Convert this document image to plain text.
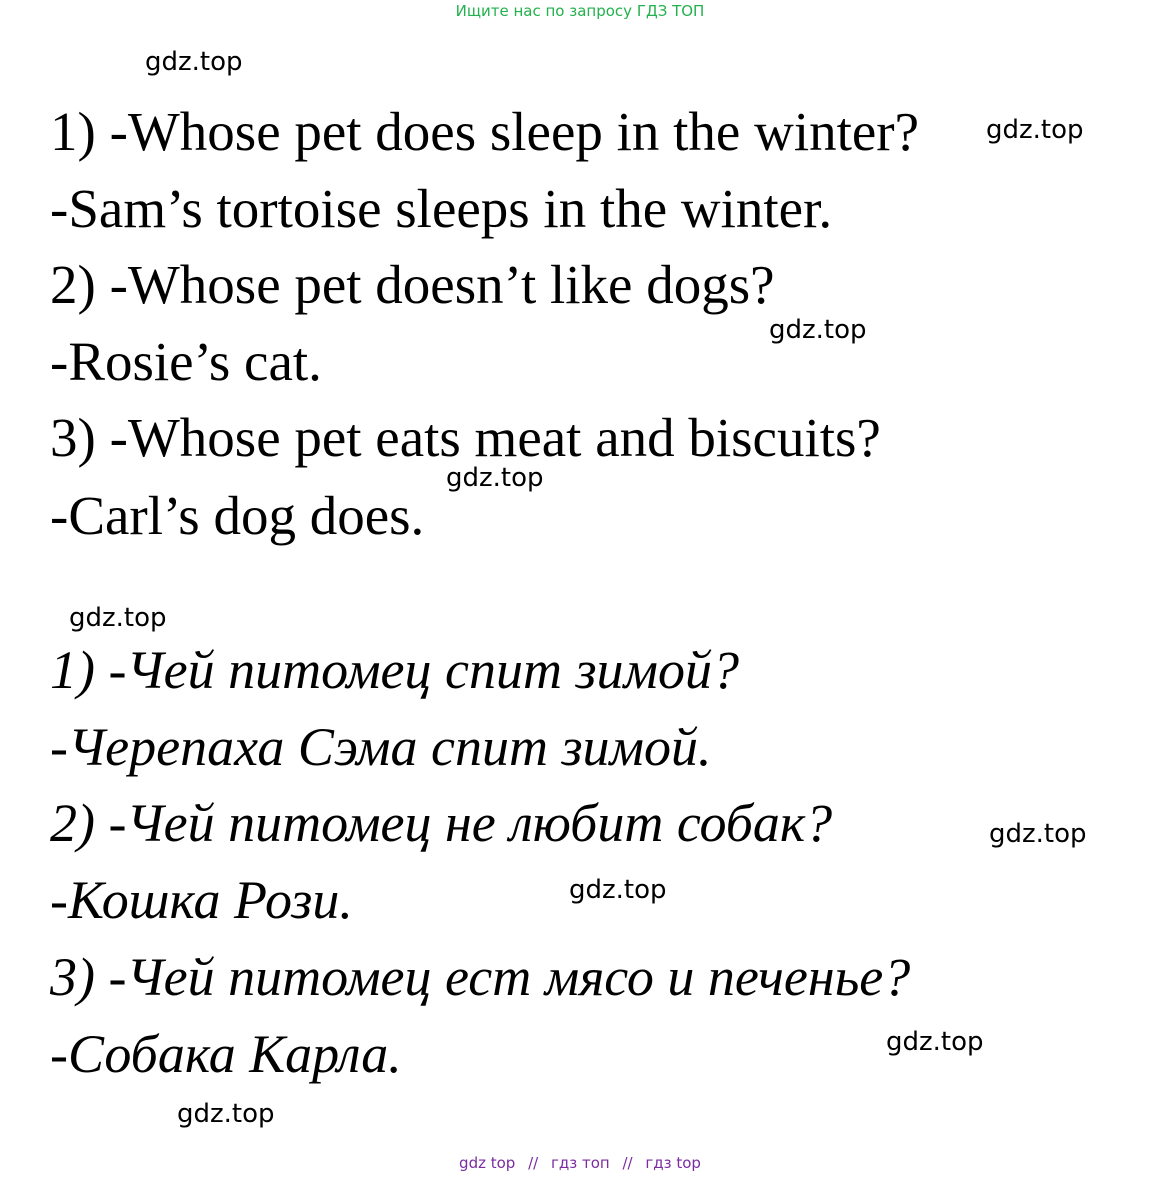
Ищите нас по запросу ГДЗ ТОП
1) -Whose pet does sleep in the winter?
-Sam’s tortoise sleeps in the winter.
2) -Whose pet doesn’t like dogs?
-Rosie’s cat.
3) -Whose pet eats meat and biscuits?
-Carl’s dog does.
1) -Чей питомец спит зимой?
-Черепаха Сэма спит зимой.
2) -Чей питомец не любит собак?
-Кошка Рози.
3) -Чей питомец ест мясо и печенье?
-Собака Карла.
gdz.top
gdz.top
gdz.top
gdz.top
gdz.top
gdz.top
gdz.top
gdz.top
gdz.top
gdz top // гдз топ // гдз top
